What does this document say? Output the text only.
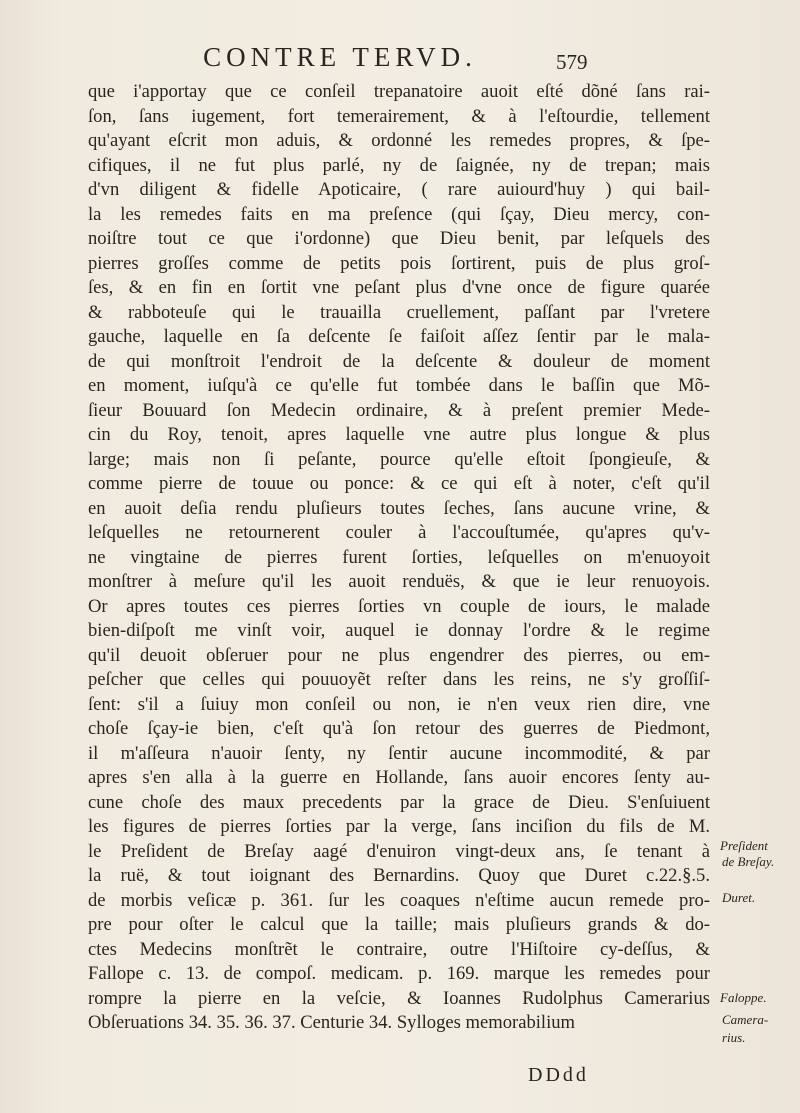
CONTRE TERVD.	579
que i'apportay que ce conſeil trepanatoire auoit eſté dõné ſans rai-
ſon, ſans iugement, fort temerairement, & à l'eſtourdie, tellement
qu'ayant eſcrit mon aduis, & ordonné les remedes propres, & ſpe-
cifiques, il ne fut plus parlé, ny de ſaignée, ny de trepan; mais
d'vn diligent & fidelle Apoticaire, ( rare auiourd'huy ) qui bail-
la les remedes faits en ma preſence (qui ſçay, Dieu mercy, con-
noiſtre tout ce que i'ordonne) que Dieu benit, par leſquels des
pierres groſſes comme de petits pois ſortirent, puis de plus groſ-
ſes, & en fin en ſortit vne peſant plus d'vne once de figure quarée
& rabboteuſe qui le trauailla cruellement, paſſant par l'vretere
gauche, laquelle en ſa deſcente ſe faiſoit aſſez ſentir par le mala-
de qui monſtroit l'endroit de la deſcente & douleur de moment
en moment, iuſqu'à ce qu'elle fut tombée dans le baſſin que Mõ-
ſieur Bouuard ſon Medecin ordinaire, & à preſent premier Mede-
cin du Roy, tenoit, apres laquelle vne autre plus longue & plus
large; mais non ſi peſante, pource qu'elle eſtoit ſpongieuſe, &
comme pierre de touue ou ponce: & ce qui eſt à noter, c'eſt qu'il
en auoit deſia rendu pluſieurs toutes ſeches, ſans aucune vrine, &
leſquelles ne retournerent couler à l'accouſtumée, qu'apres qu'v-
ne vingtaine de pierres furent ſorties, leſquelles on m'enuoyoit
monſtrer à meſure qu'il les auoit renduës, & que ie leur renuoyois.
Or apres toutes ces pierres ſorties vn couple de iours, le malade
bien-diſpoſt me vinſt voir, auquel ie donnay l'ordre & le regime
qu'il deuoit obſeruer pour ne plus engendrer des pierres, ou em-
peſcher que celles qui pouuoyẽt reſter dans les reins, ne s'y groſſiſ-
ſent: s'il a ſuiuy mon conſeil ou non, ie n'en veux rien dire, vne
choſe ſçay-ie bien, c'eſt qu'à ſon retour des guerres de Piedmont,
il m'aſſeura n'auoir ſenty, ny ſentir aucune incommodité, & par
apres s'en alla à la guerre en Hollande, ſans auoir encores ſenty au-
cune choſe des maux precedents par la grace de Dieu. S'enſuiuent
les figures de pierres ſorties par la verge, ſans inciſion du fils de M.
le Preſident de Breſay aagé d'enuiron vingt-deux ans, ſe tenant à
la ruë, & tout ioignant des Bernardins. Quoy que Duret c.22.§.5.
de morbis veſicæ p. 361. ſur les coaques n'eſtime aucun remede pro-
pre pour oſter le calcul que la taille; mais pluſieurs grands & do-
ctes Medecins monſtrẽt le contraire, outre l'Hiſtoire cy-deſſus, &
Fallope c. 13. de compoſ. medicam. p. 169. marque les remedes pour
rompre la pierre en la veſcie, & Ioannes Rudolphus Camerarius
Obſeruations 34. 35. 36. 37. Centurie 34. Sylloges memorabilium
Preſident
de Breſay.
Duret.
Faloppe.
Camera-
rius.
DDdd
